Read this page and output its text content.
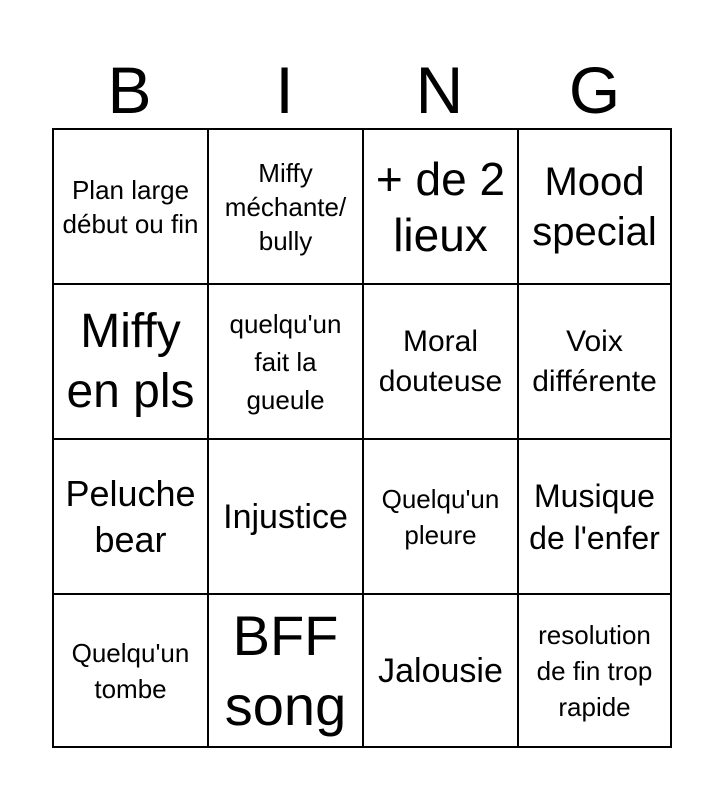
B	I	N	G
Plan large début ou fin
Miffy méchante/ bully
+ de 2 lieux
Mood special
Miffy en pls
quelqu'un fait la gueule
Moral douteuse
Voix différente
Peluche bear
Injustice	Quelqu'un pleure
Musique de l'enfer
Quelqu'un tombe
BFF song
Jalousie
resolution de fin trop rapide
